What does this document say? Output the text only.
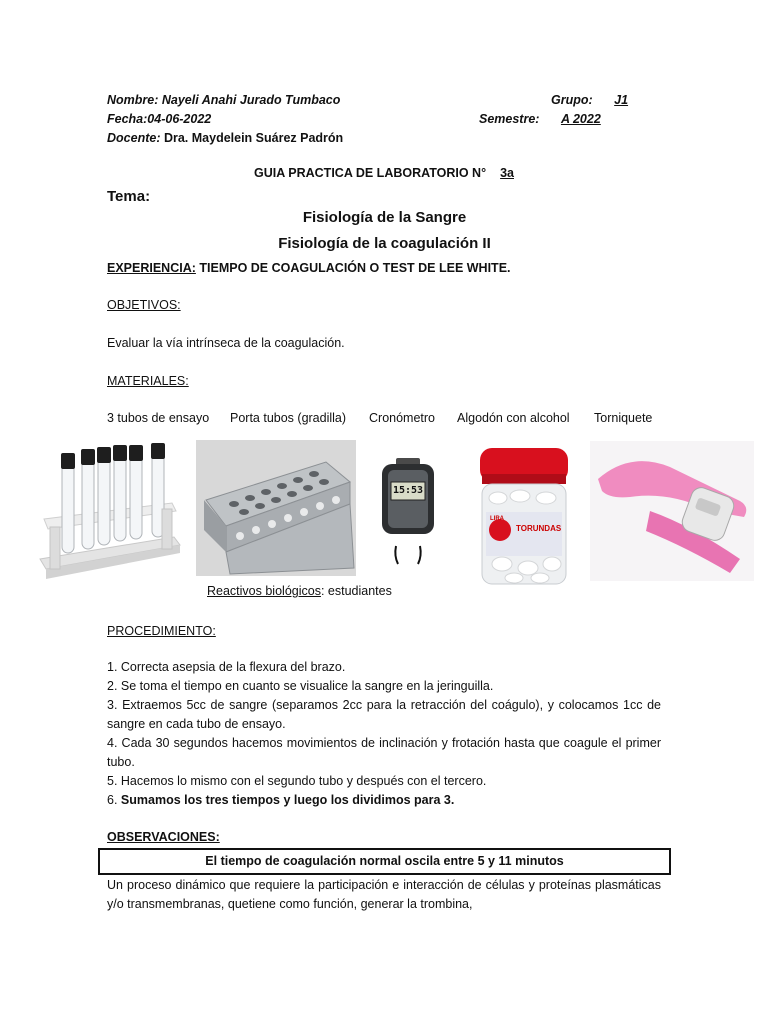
Nombre: Nayeli Anahi Jurado Tumbaco	Grupo: J1
Fecha:04-06-2022	Semestre: A 2022
Docente: Dra. Maydelein Suárez Padrón
GUIA PRACTICA DE LABORATORIO N° 3a
Tema:
Fisiología de la Sangre
Fisiología de la coagulación II
EXPERIENCIA: TIEMPO DE COAGULACIÓN O TEST DE LEE WHITE.
OBJETIVOS:
Evaluar la vía intrínseca de la coagulación.
MATERIALES:
3 tubos de ensayo Porta tubos (gradilla) Cronómetro Algodón con alcohol Torniquete
15:53
TORUNDAS
LIRA
Reactivos biológicos: estudiantes
PROCEDIMIENTO:
1. Correcta asepsia de la flexura del brazo.
2. Se toma el tiempo en cuanto se visualice la sangre en la jeringuilla.
3. Extraemos 5cc de sangre (separamos 2cc para la retracción del coágulo), y colocamos 1cc de sangre en cada tubo de ensayo.
4. Cada 30 segundos hacemos movimientos de inclinación y frotación hasta que coagule el primer tubo.
5. Hacemos lo mismo con el segundo tubo y después con el tercero.
6. Sumamos los tres tiempos y luego los dividimos para 3.
OBSERVACIONES:
El tiempo de coagulación normal oscila entre 5 y 11 minutos
Un proceso dinámico que requiere la participación e interacción de células y proteínas plasmáticas y/o transmembranas, quetiene como función, generar la trombina,
